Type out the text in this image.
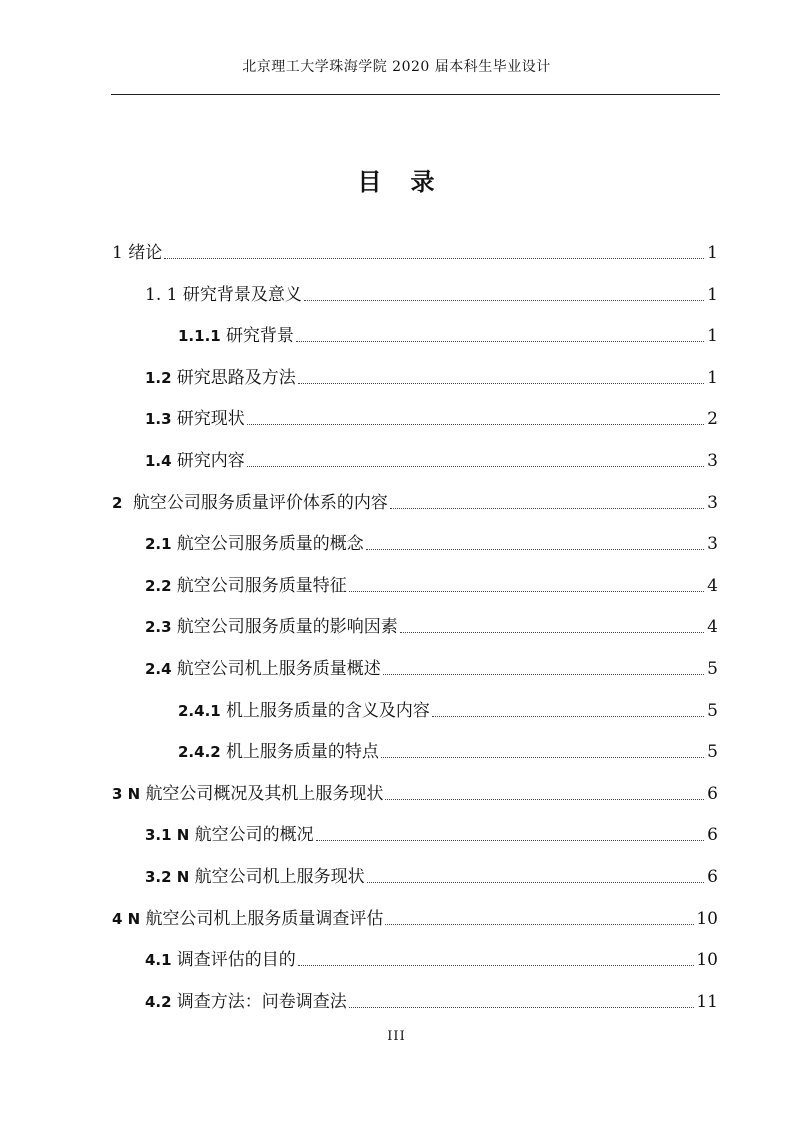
北京理工大学珠海学院 2020 届本科生毕业设计
目   录
1 绪论	1
1. 1 研究背景及意义	1
1.1.1 研究背景	1
1.2 研究思路及方法	1
1.3 研究现状	2
1.4 研究内容	3
2 航空公司服务质量评价体系的内容	3
2.1 航空公司服务质量的概念	3
2.2 航空公司服务质量特征	4
2.3 航空公司服务质量的影响因素	4
2.4 航空公司机上服务质量概述	5
2.4.1 机上服务质量的含义及内容	5
2.4.2 机上服务质量的特点	5
3 N 航空公司概况及其机上服务现状	6
3.1 N 航空公司的概况	6
3.2 N 航空公司机上服务现状	6
4 N 航空公司机上服务质量调查评估	10
4.1 调查评估的目的	10
4.2 调查方法：问卷调查法	11
III
